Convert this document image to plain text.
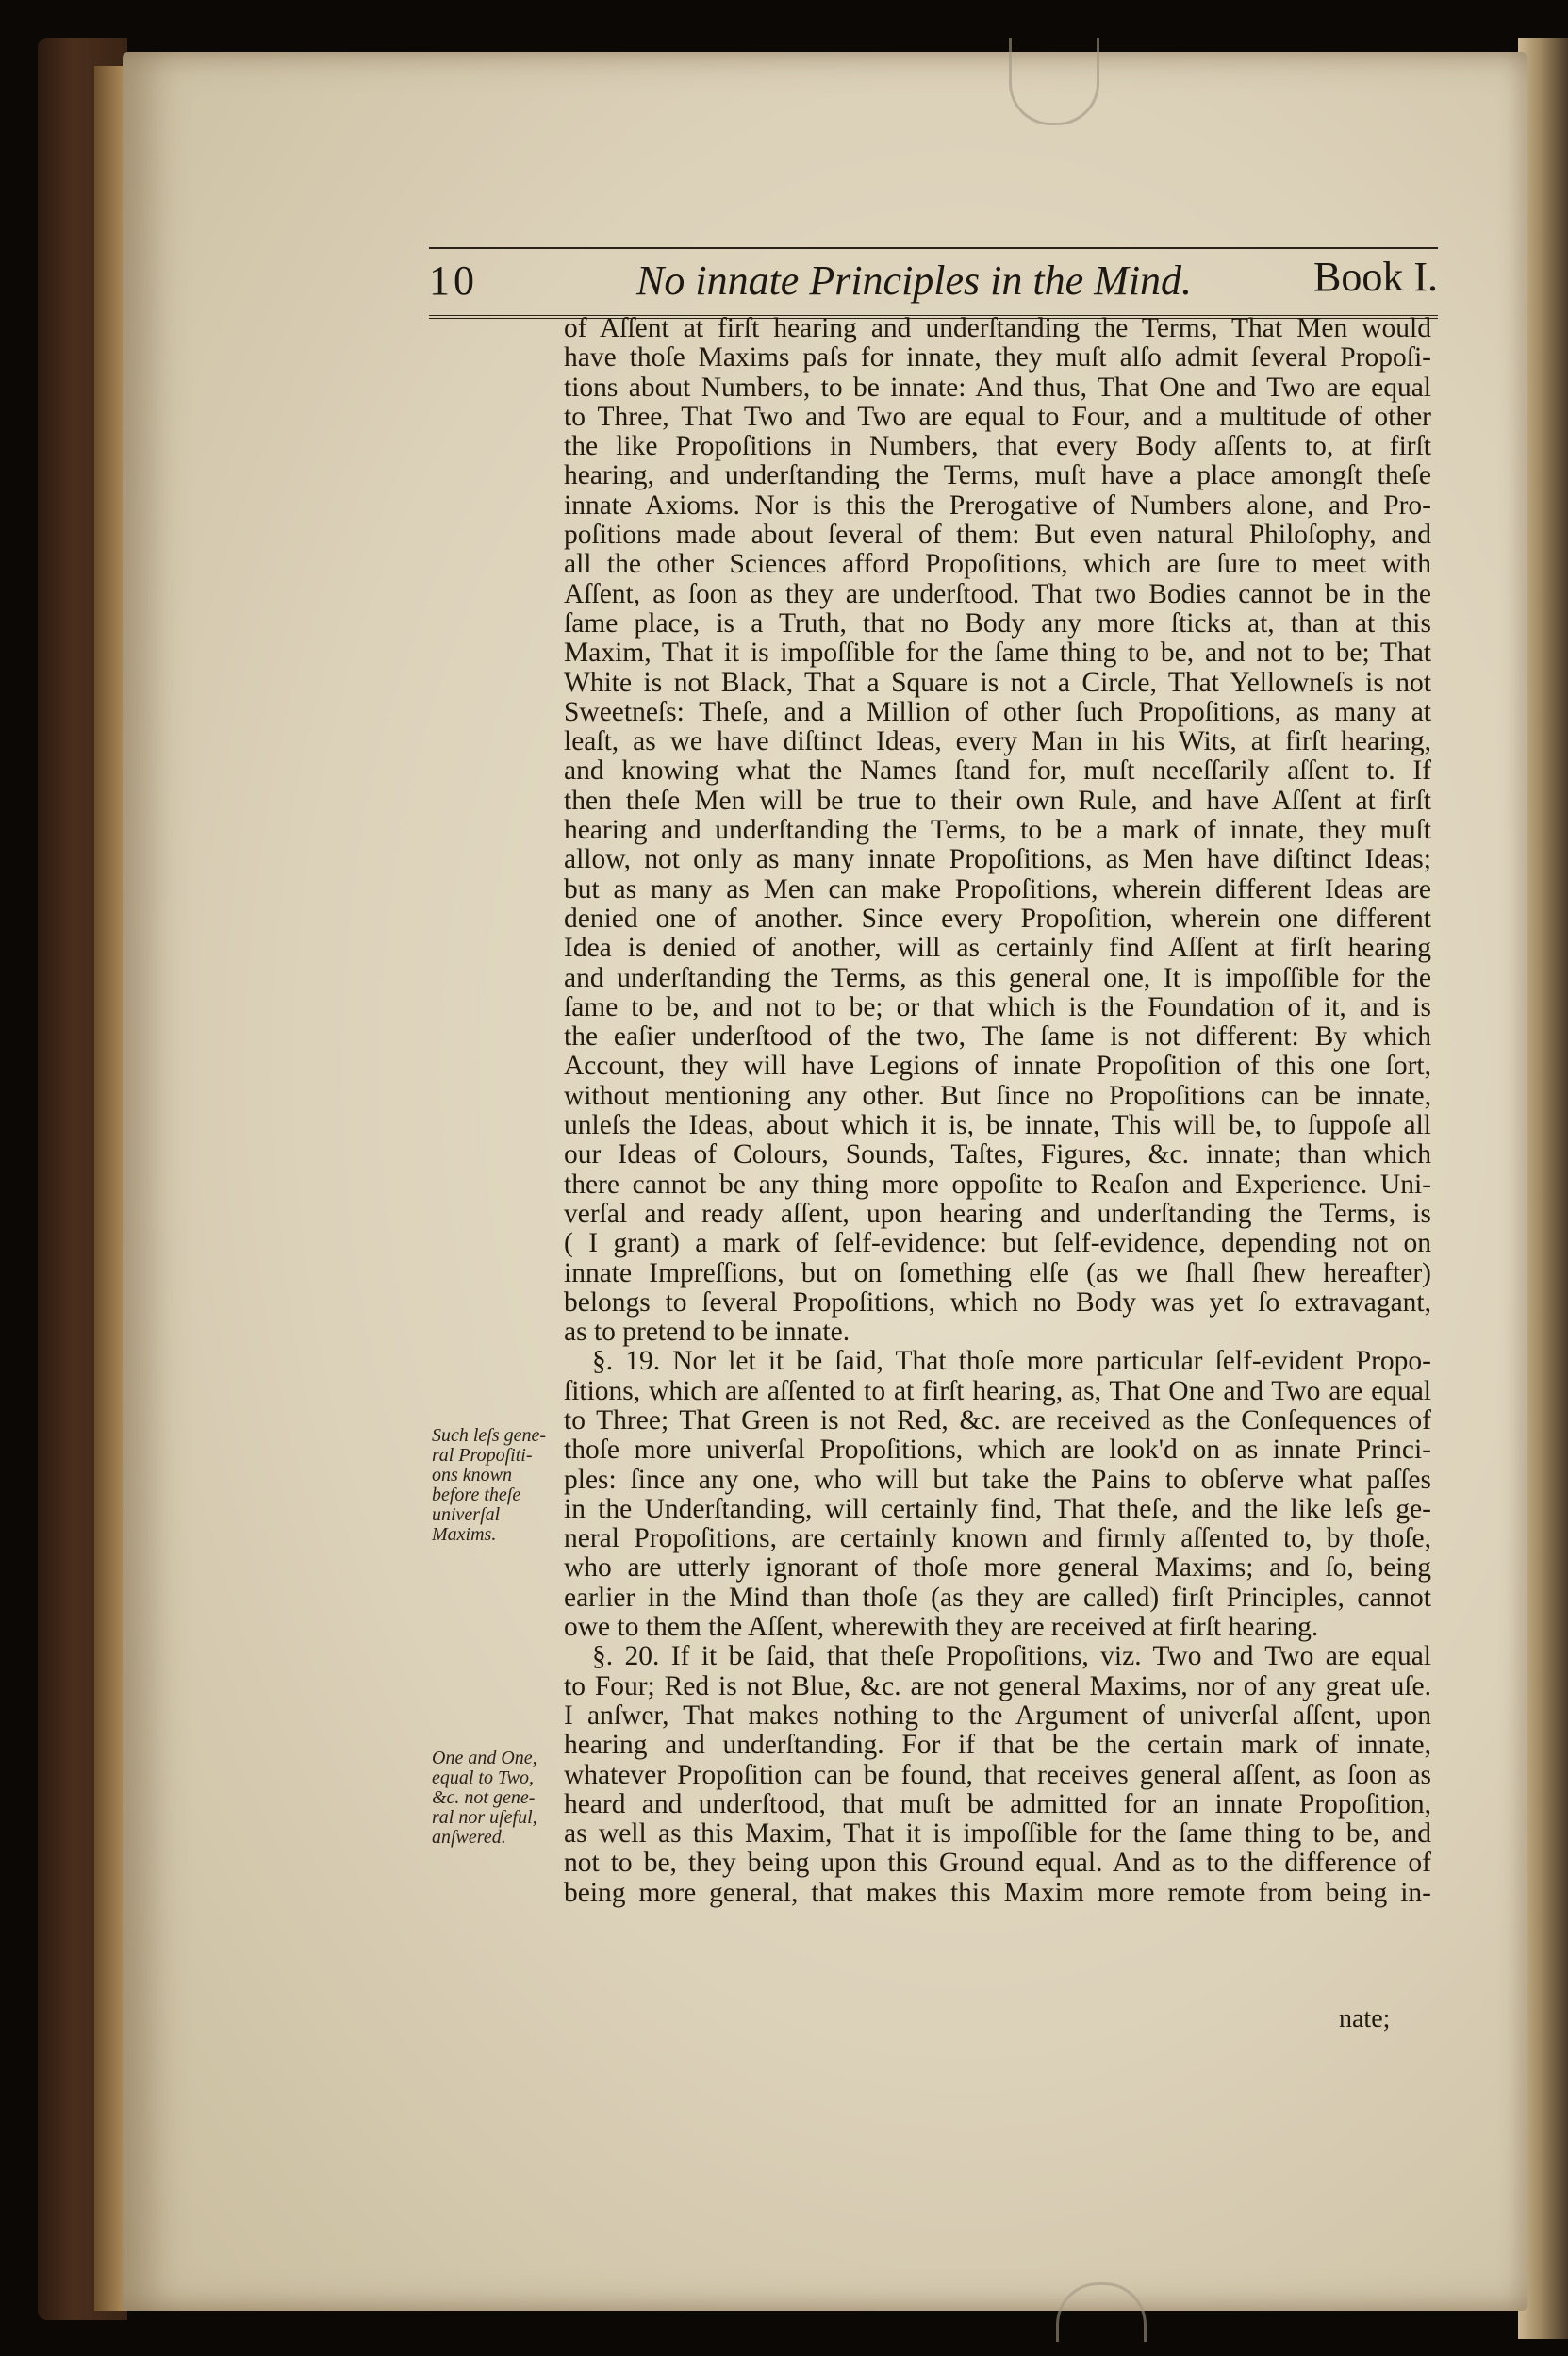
10	No innate Principles in the Mind.	Book I.
of Aſſent at firſt hearing and underſtanding the Terms, That Men would
have thoſe Maxims paſs for innate, they muſt alſo admit ſeveral Propoſi-
tions about Numbers, to be innate: And thus, That One and Two are equal
to Three, That Two and Two are equal to Four, and a multitude of other
the like Propoſitions in Numbers, that every Body aſſents to, at firſt
hearing, and underſtanding the Terms, muſt have a place amongſt theſe
innate Axioms. Nor is this the Prerogative of Numbers alone, and Pro-
poſitions made about ſeveral of them: But even natural Philoſophy, and
all the other Sciences afford Propoſitions, which are ſure to meet with
Aſſent, as ſoon as they are underſtood. That two Bodies cannot be in the
ſame place, is a Truth, that no Body any more ſticks at, than at this
Maxim, That it is impoſſible for the ſame thing to be, and not to be; That
White is not Black, That a Square is not a Circle, That Yellowneſs is not
Sweetneſs: Theſe, and a Million of other ſuch Propoſitions, as many at
leaſt, as we have diſtinct Ideas, every Man in his Wits, at firſt hearing,
and knowing what the Names ſtand for, muſt neceſſarily aſſent to. If
then theſe Men will be true to their own Rule, and have Aſſent at firſt
hearing and underſtanding the Terms, to be a mark of innate, they muſt
allow, not only as many innate Propoſitions, as Men have diſtinct Ideas;
but as many as Men can make Propoſitions, wherein different Ideas are
denied one of another. Since every Propoſition, wherein one different
Idea is denied of another, will as certainly find Aſſent at firſt hearing
and underſtanding the Terms, as this general one, It is impoſſible for the
ſame to be, and not to be; or that which is the Foundation of it, and is
the eaſier underſtood of the two, The ſame is not different: By which
Account, they will have Legions of innate Propoſition of this one ſort,
without mentioning any other. But ſince no Propoſitions can be innate,
unleſs the Ideas, about which it is, be innate, This will be, to ſuppoſe all
our Ideas of Colours, Sounds, Taſtes, Figures, &c. innate; than which
there cannot be any thing more oppoſite to Reaſon and Experience. Uni-
verſal and ready aſſent, upon hearing and underſtanding the Terms, is
( I grant) a mark of ſelf-evidence: but ſelf-evidence, depending not on
innate Impreſſions, but on ſomething elſe (as we ſhall ſhew hereafter)
belongs to ſeveral Propoſitions, which no Body was yet ſo extravagant,
as to pretend to be innate.
§. 19. Nor let it be ſaid, That thoſe more particular ſelf-evident Propo-
ſitions, which are aſſented to at firſt hearing, as, That One and Two are equal
to Three; That Green is not Red, &c. are received as the Conſequences of
thoſe more univerſal Propoſitions, which are look'd on as innate Princi-
ples: ſince any one, who will but take the Pains to obſerve what paſſes
in the Underſtanding, will certainly find, That theſe, and the like leſs ge-
neral Propoſitions, are certainly known and firmly aſſented to, by thoſe,
who are utterly ignorant of thoſe more general Maxims; and ſo, being
earlier in the Mind than thoſe (as they are called) firſt Principles, cannot
owe to them the Aſſent, wherewith they are received at firſt hearing.
§. 20. If it be ſaid, that theſe Propoſitions, viz. Two and Two are equal
to Four; Red is not Blue, &c. are not general Maxims, nor of any great uſe.
I anſwer, That makes nothing to the Argument of univerſal aſſent, upon
hearing and underſtanding. For if that be the certain mark of innate,
whatever Propoſition can be found, that receives general aſſent, as ſoon as
heard and underſtood, that muſt be admitted for an innate Propoſition,
as well as this Maxim, That it is impoſſible for the ſame thing to be, and
not to be, they being upon this Ground equal. And as to the difference of
being more general, that makes this Maxim more remote from being in-
nate;
Such leſs gene-
ral Propoſiti-
ons known
before theſe
univerſal
Maxims.
One and One,
equal to Two,
&c. not gene-
ral nor uſeful,
anſwered.
